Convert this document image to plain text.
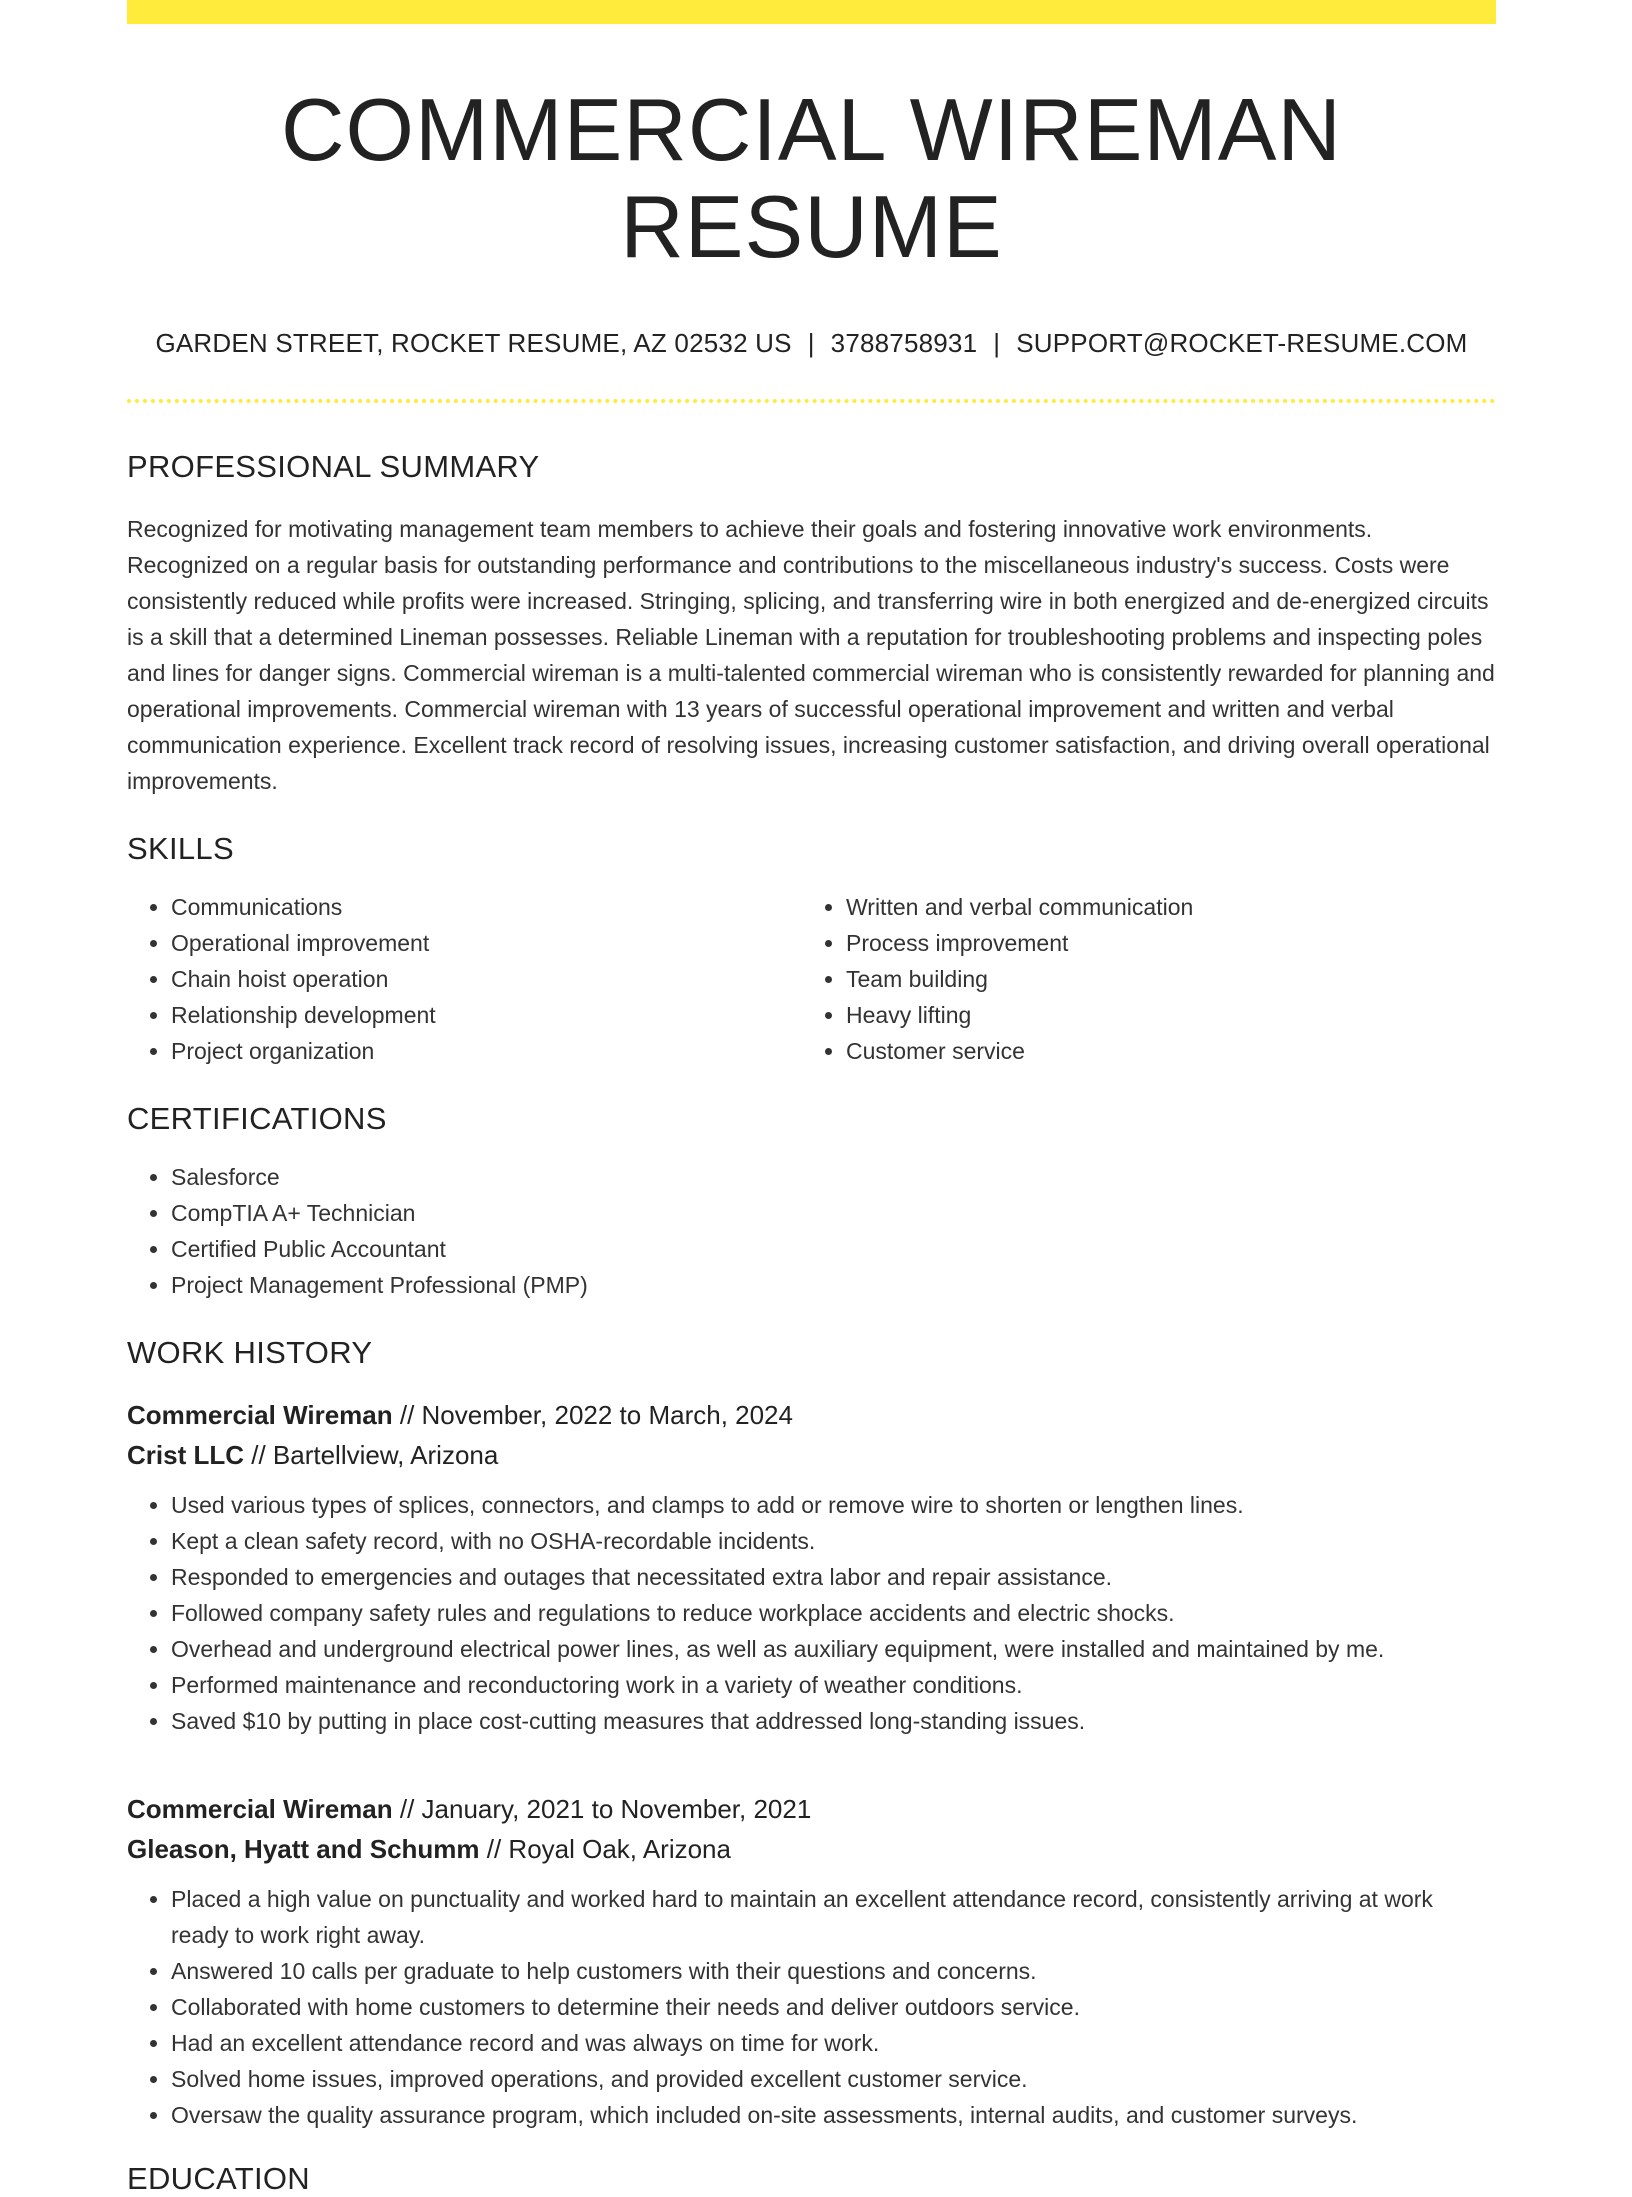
COMMERCIAL WIREMAN RESUME
GARDEN STREET, ROCKET RESUME, AZ 02532 US | 3788758931 | SUPPORT@ROCKET-RESUME.COM
PROFESSIONAL SUMMARY

Recognized for motivating management team members to achieve their goals and fostering innovative work environments. Recognized on a regular basis for outstanding performance and contributions to the miscellaneous industry's success. Costs were consistently reduced while profits were increased. Stringing, splicing, and transferring wire in both energized and de-energized circuits is a skill that a determined Lineman possesses. Reliable Lineman with a reputation for troubleshooting problems and inspecting poles and lines for danger signs. Commercial wireman is a multi-talented commercial wireman who is consistently rewarded for planning and operational improvements. Commercial wireman with 13 years of successful operational improvement and written and verbal communication experience. Excellent track record of resolving issues, increasing customer satisfaction, and driving overall operational improvements.

SKILLS
• Communications
• Operational improvement
• Chain hoist operation
• Relationship development
• Project organization
• Written and verbal communication
• Process improvement
• Team building
• Heavy lifting
• Customer service
CERTIFICATIONS
• Salesforce
• CompTIA A+ Technician
• Certified Public Accountant
• Project Management Professional (PMP)
WORK HISTORY
Commercial Wireman // November, 2022 to March, 2024
Crist LLC // Bartellview, Arizona
• Used various types of splices, connectors, and clamps to add or remove wire to shorten or lengthen lines.
• Kept a clean safety record, with no OSHA-recordable incidents.
• Responded to emergencies and outages that necessitated extra labor and repair assistance.
• Followed company safety rules and regulations to reduce workplace accidents and electric shocks.
• Overhead and underground electrical power lines, as well as auxiliary equipment, were installed and maintained by me.
• Performed maintenance and reconductoring work in a variety of weather conditions.
• Saved $10 by putting in place cost-cutting measures that addressed long-standing issues.
Commercial Wireman // January, 2021 to November, 2021
Gleason, Hyatt and Schumm // Royal Oak, Arizona
• Placed a high value on punctuality and worked hard to maintain an excellent attendance record, consistently arriving at work ready to work right away.
• Answered 10 calls per graduate to help customers with their questions and concerns.
• Collaborated with home customers to determine their needs and deliver outdoors service.
• Had an excellent attendance record and was always on time for work.
• Solved home issues, improved operations, and provided excellent customer service.
• Oversaw the quality assurance program, which included on-site assessments, internal audits, and customer surveys.
EDUCATION
